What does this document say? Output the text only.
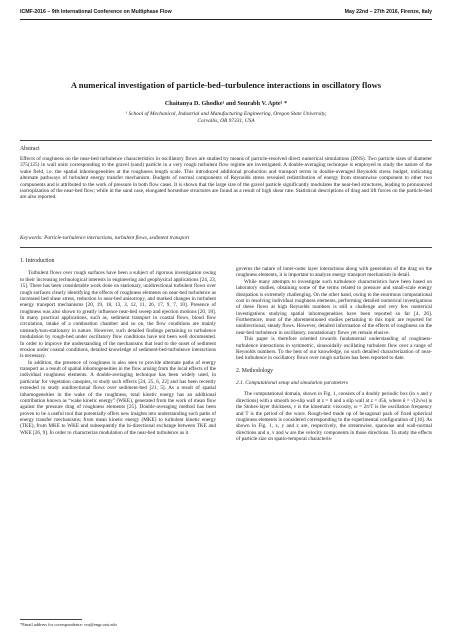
ICMF-2016 – 9th International Conference on Multiphase Flow	May 22nd – 27th 2016, Firenze, Italy
A numerical investigation of particle-bed–turbulence interactions in oscillatory flows
Chaitanya D. Ghodke¹ and Sourabh V. Apte¹ *
¹ School of Mechanical, Industrial and Manufacturing Engineering, Oregon State University,
Corvallis, OR 97331, USA
Abstract

Effects of roughness on the near-bed turbulence characteristics in oscillatory flows are studied by means of particle-resolved direct numerical simulations (DNS). Two particle sizes of diameter 375(125) in wall units corresponding to the gravel (sand) particle in a very rough turbulent flow regime are investigated. A double-averaging technique is employed to study the nature of the wake field, i.e. the spatial inhomogeneities at the roughness length scale. This introduced additional production and transport terms in double-averaged Reynolds stress budget, indicating alternate pathways of turbulent energy transfer mechanism. Budgets of normal components of Reynolds stress revealed redistribution of energy from streamwise component to other two components and is attributed to the work of pressure in both flow cases. It is shown that the large size of the gravel particle significantly modulates the near-bed structures, leading to pronounced isotropization of the near-bed flow; while in the sand case, elongated horseshoe structures are found as a result of high shear rate. Statistical descriptions of drag and lift forces on the particle-bed are also reported.

Keywords: Particle-turbulence interactions, turbulent flows, sediment transport
1. Introduction

Turbulent flows over rough surfaces have been a subject of rigorous investigation owing to their increasing technological interests in engineering and geophysical applications [24, 23, 15]. There has been considerable work done on stationary, unidirectional turbulent flows over rough surfaces clearly identifying the effects of roughness elements on near-bed turbulence as increased bed shear stress, reduction in near-bed anisotropy, and marked changes in turbulent energy transport mechanisms [20, 19, 18, 13, 3, 12, 11, 26, 17, 9, 7, 10]. Presence of roughness was also shown to greatly influence near-bed sweep and ejection motions [20, 18]. In many practical applications, such as, sediment transport in coastal flows, blood flow circulation, intake of a combustion chamber and so on, the flow conditions are mainly unsteady/non-stationary in nature. However, such detailed findings pertaining to turbulence modulation by rough-bed under oscillatory flow conditions have not been well documented. In order to improve the understanding of the mechanisms that lead to the onset of sediment erosion under coastal conditions, detailed knowledge of sediment-bed-turbulence interactions is necessary.

In addition, the presence of roughness is also seen to provide alternate paths of energy transport as a result of spatial inhomogeneities in the flow arising from the local effects of the individual roughness elements. A double-averaging technique has been widely used, in particular for vegetation canopies, to study such effects [24, 25, 6, 22] and has been recently extended to study unidirectional flows over sediment-bed [21, 5]. As a result of spatial inhomogeneities in the wake of the roughness, total kinetic energy has an additional contribution known as “wake kinetic energy” (WKE), generated from the work of mean flow against the pressure drag of roughness elements [25]. Double-averaging method has been proven to be a useful tool that potentially offers new insights into understanding such paths of energy transfer mechanisms; from mean kinetic energy (MKE) to turbulent kinetic energy (TKE), from MKE to WKE and subsequently the bi-directional exchange between TKE and WKE [26, 9]. In order to characterize modulation of the near-bed turbulence as it

governs the nature of inner-outer layer interactions along with generation of the drag on the roughness elements, it is important to analyze energy transport mechanism in detail.

While many attempts to investigate such turbulence characteristics have been based on laboratory studies, obtaining some of the terms related to pressure and small-scale energy dissipation is extremely challenging. On the other hand, owing to the enormous computational cost in resolving individual roughness elements, performing detailed numerical investigations of these flows at high Reynolds numbers is still a challenge and very few numerical investigations studying spatial inhomogeneities have been reported so far [4, 26]. Furthermore, most of the aforementioned studies pertaining to this topic are reported for unidirectional, steady flows. However, detailed information of the effects of roughness on the near-bed turbulence in oscillatory, nonstationary flows yet remain elusive.

This paper is therefore oriented towards fundamental understanding of roughness-turbulence interactions in symmetric, sinusoidally oscillating turbulent flow over a range of Reynolds numbers. To the best of our knowledge, no such detailed characterization of near-bed turbulence in oscillatory flows over rough surfaces has been reported to date.

2. Methodology
2.1. Computational setup and simulation parameters

The computational domain, shown in Fig. 1, consists of a doubly periodic box (in x and y directions) with a smooth no-slip wall at z = 0 and a slip wall at z = 45δ, where δ = √(2ν/ω) is the Stokes-layer thickness, ν is the kinematic viscosity, ω = 2π/T is the oscillation frequency and T is the period of the wave. Rough-bed made up of hexagonal pack of fixed spherical roughness elements is considered corresponding to the experimental configuration of [16]. As shown in Fig. 1, x, y and z are, respectively, the streamwise, spanwise and wall-normal directions and u, v and w are the velocity components in those directions. To study the effects of particle size on spatio-temporal characteris-

*Email address for correspondence: sva@engr.orst.edu
